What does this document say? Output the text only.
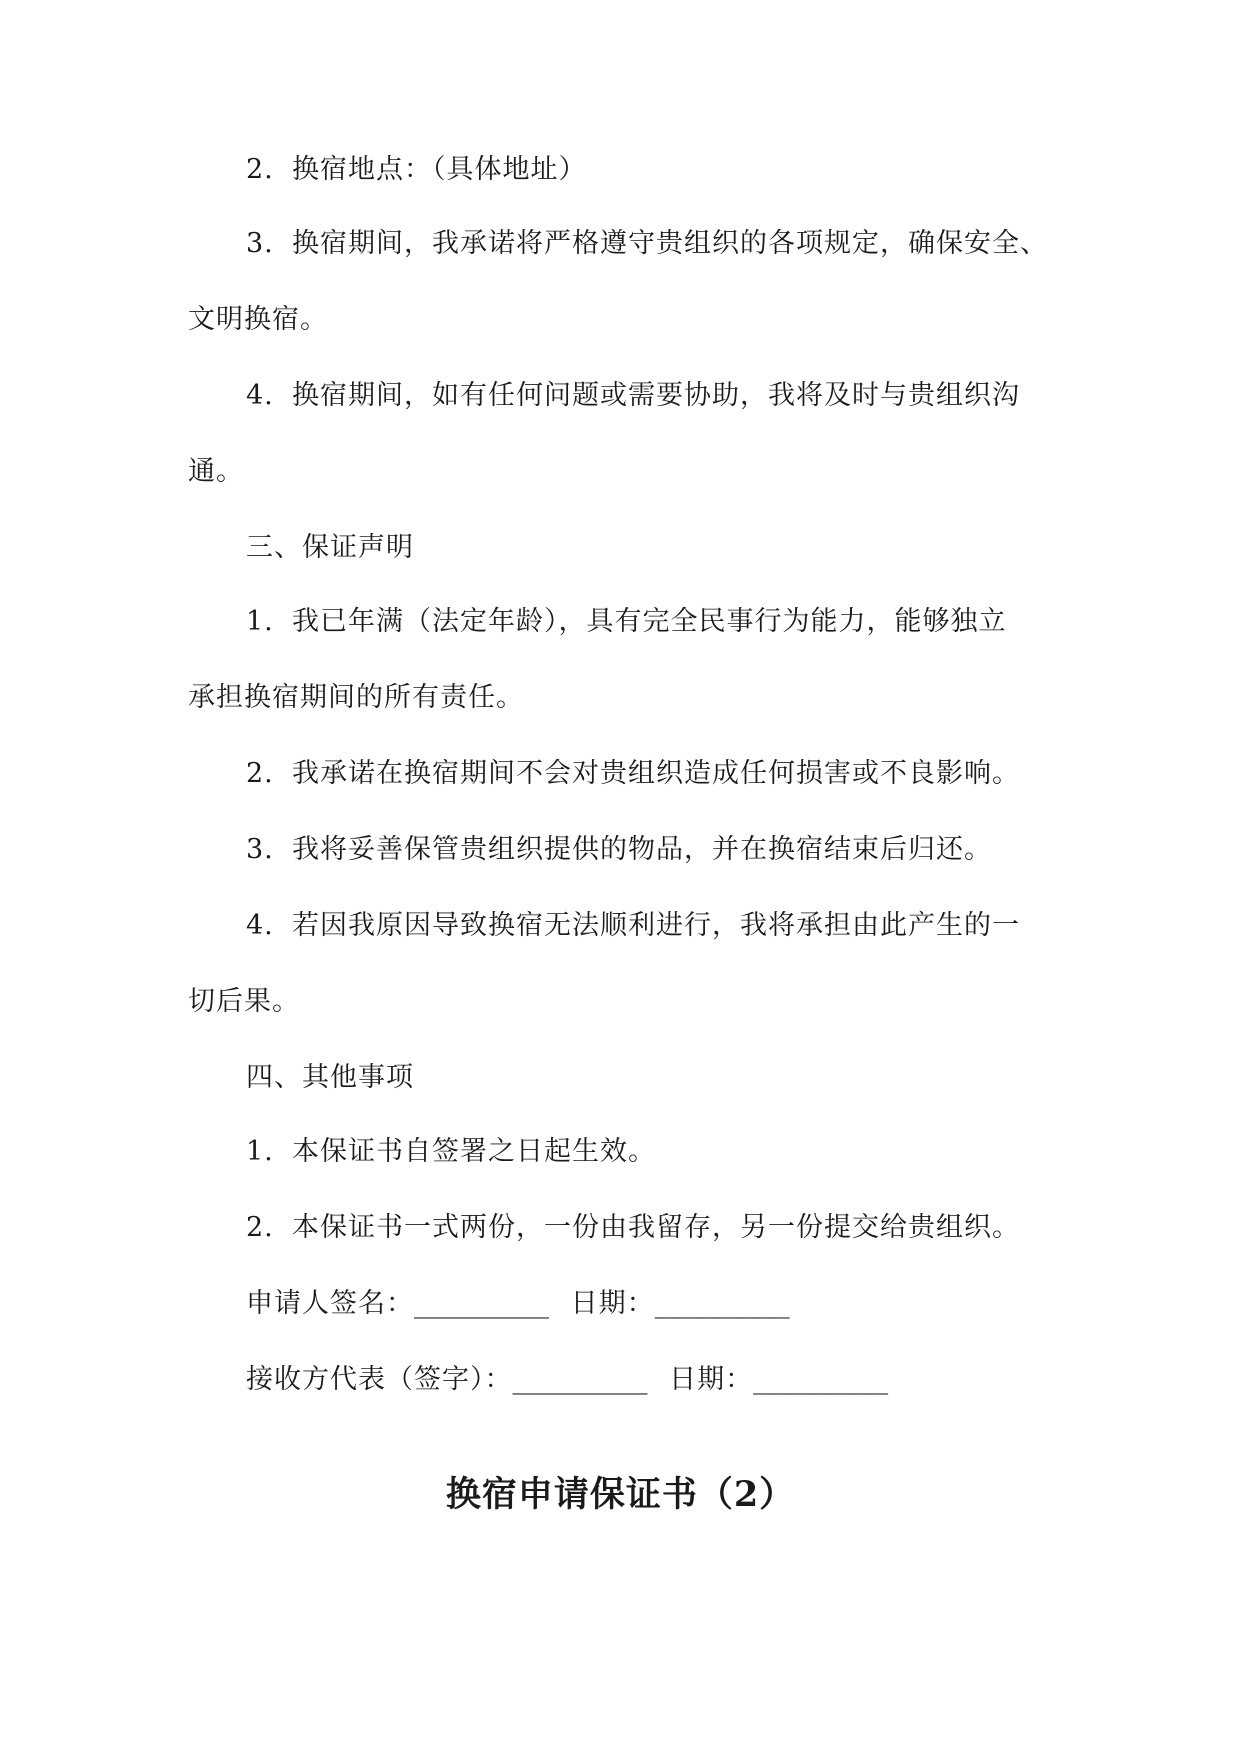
2. 换宿地点：（具体地址）
3. 换宿期间，我承诺将严格遵守贵组织的各项规定，确保安全、
文明换宿。
4. 换宿期间，如有任何问题或需要协助，我将及时与贵组织沟
通。
三、保证声明
1. 我已年满（法定年龄），具有完全民事行为能力，能够独立
承担换宿期间的所有责任。
2. 我承诺在换宿期间不会对贵组织造成任何损害或不良影响。
3. 我将妥善保管贵组织提供的物品，并在换宿结束后归还。
4. 若因我原因导致换宿无法顺利进行，我将承担由此产生的一
切后果。
四、其他事项
1. 本保证书自签署之日起生效。
2. 本保证书一式两份，一份由我留存，另一份提交给贵组织。
申请人签名：__________ 日期：__________
接收方代表（签字）：__________ 日期：__________
换宿申请保证书（2）
